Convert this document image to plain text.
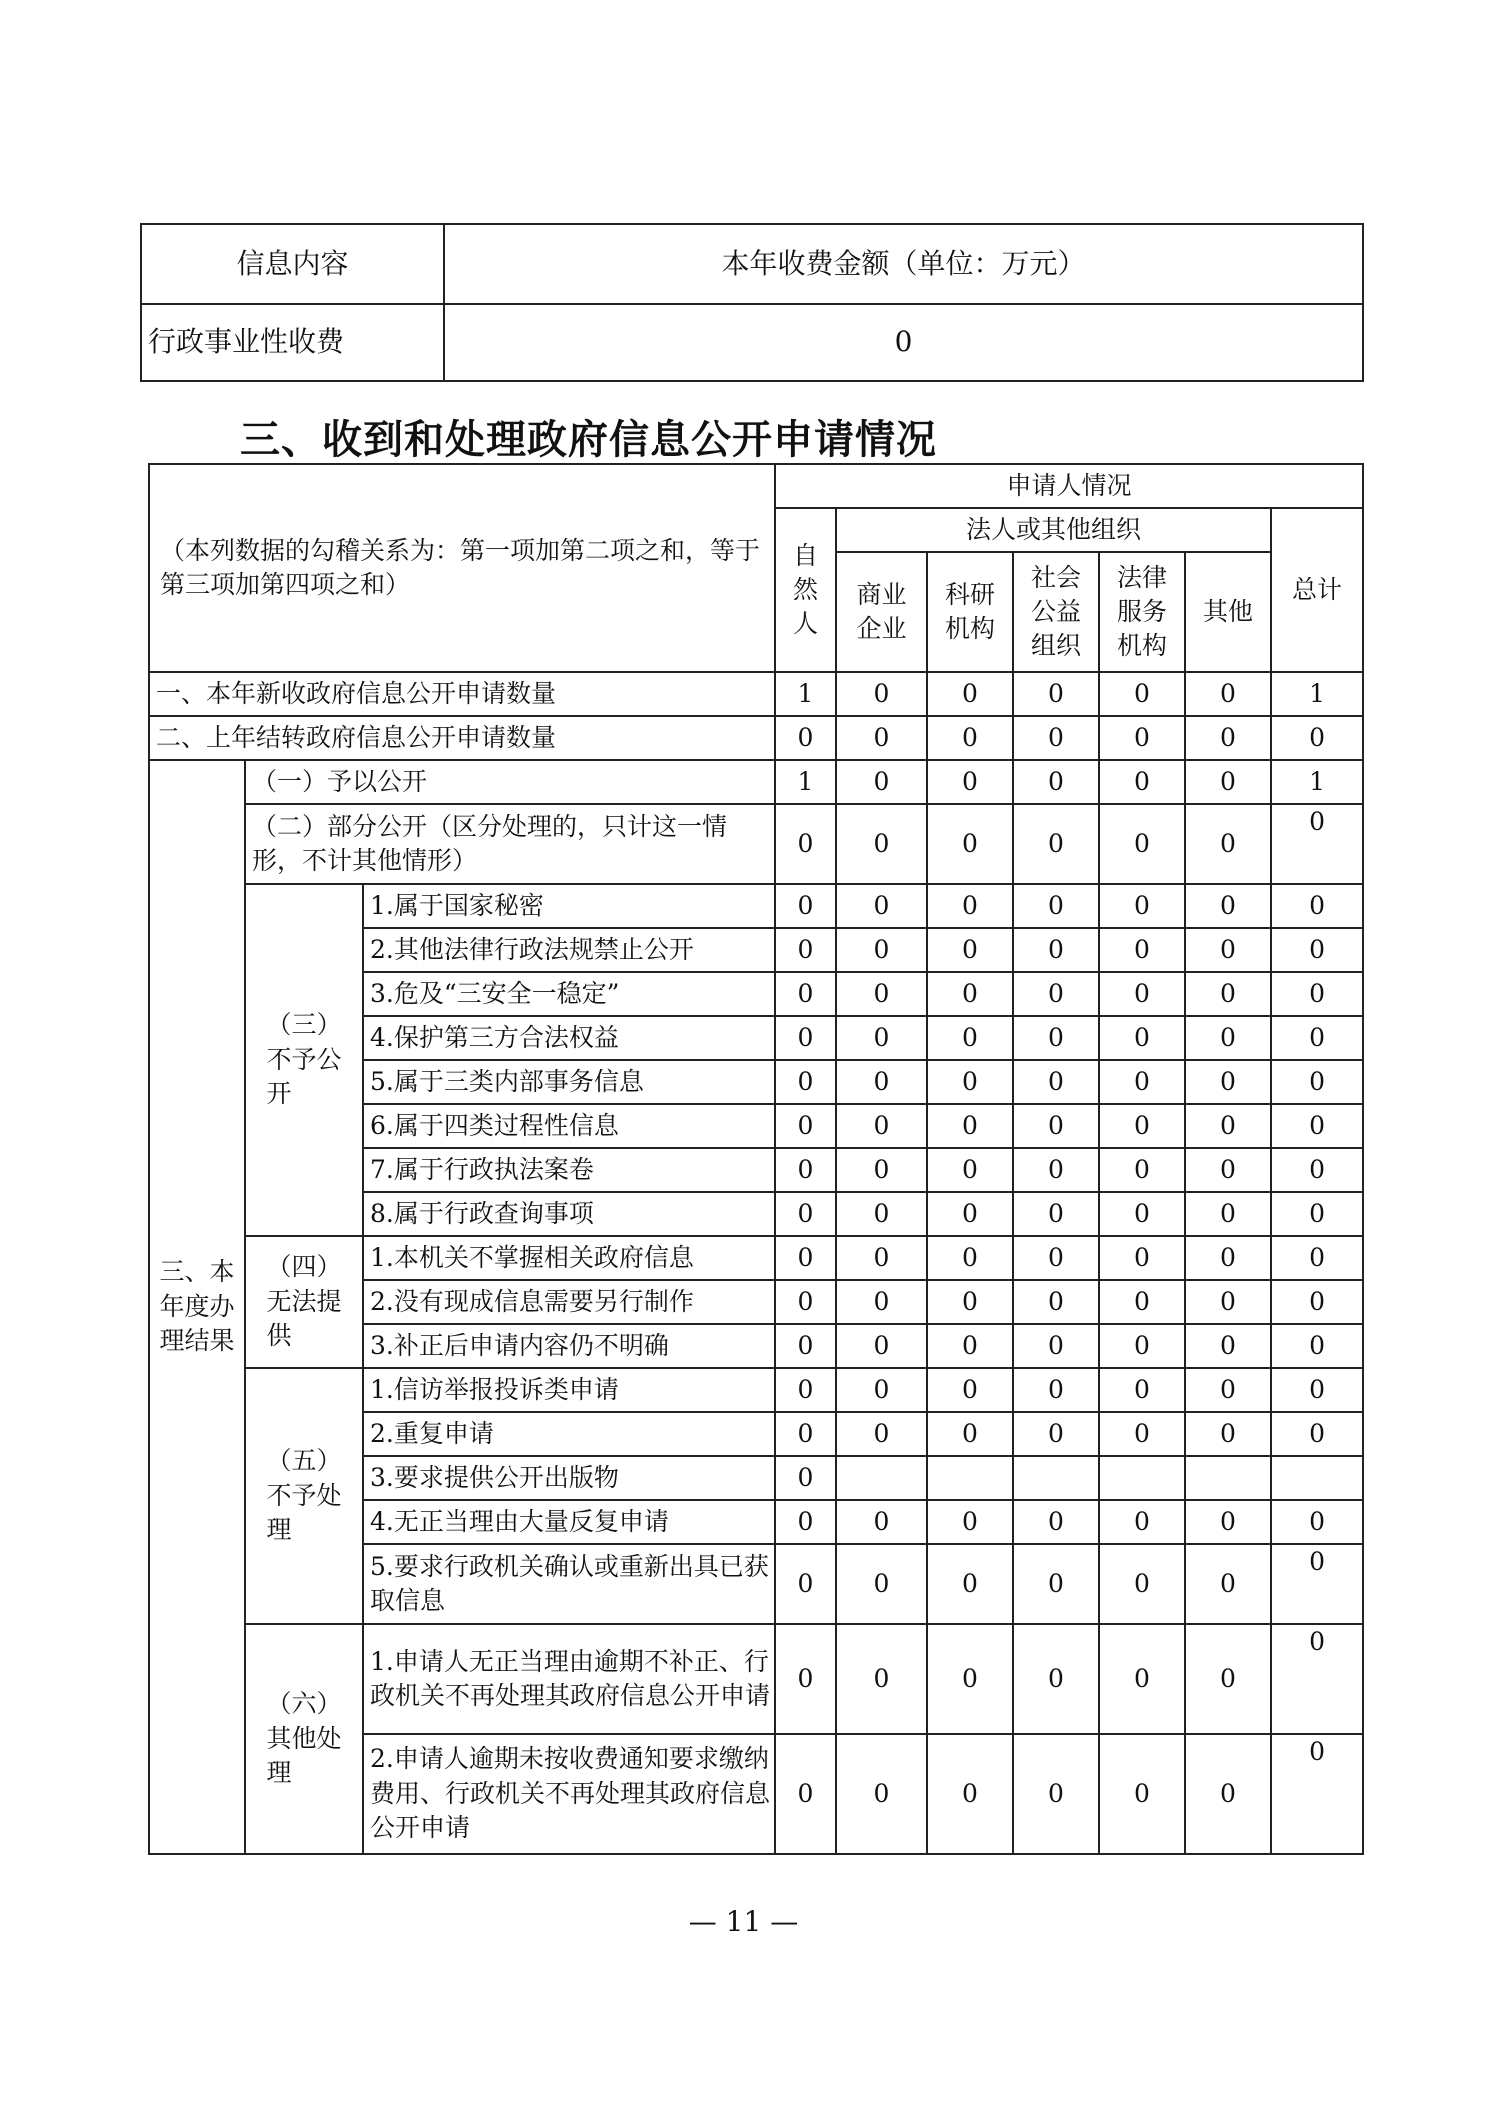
信息内容	本年收费金额（单位：万元）
行政事业性收费	0
三、收到和处理政府信息公开申请情况
（本列数据的勾稽关系为：第一项加第二项之和，等于第三项加第四项之和）			申请人情况						
			自然人	法人或其他组织					总计
				商业企业	科研机构	社会公益组织	法律服务机构	其他	
一、本年新收政府信息公开申请数量			1	0	0	0	0	0	1
二、上年结转政府信息公开申请数量			0	0	0	0	0	0	0
三、本年度办理结果	（一）予以公开		1	0	0	0	0	0	1
	（二）部分公开（区分处理的，只计这一情形，不计其他情形）		0	0	0	0	0	0	0
	（三）不予公开	1.属于国家秘密	0	0	0	0	0	0	0
		2.其他法律行政法规禁止公开	0	0	0	0	0	0	0
		3.危及“三安全一稳定”	0	0	0	0	0	0	0
		4.保护第三方合法权益	0	0	0	0	0	0	0
		5.属于三类内部事务信息	0	0	0	0	0	0	0
		6.属于四类过程性信息	0	0	0	0	0	0	0
		7.属于行政执法案卷	0	0	0	0	0	0	0
		8.属于行政查询事项	0	0	0	0	0	0	0
	（四）无法提供	1.本机关不掌握相关政府信息	0	0	0	0	0	0	0
		2.没有现成信息需要另行制作	0	0	0	0	0	0	0
		3.补正后申请内容仍不明确	0	0	0	0	0	0	0
	（五）不予处理	1.信访举报投诉类申请	0	0	0	0	0	0	0
		2.重复申请	0	0	0	0	0	0	0
		3.要求提供公开出版物	0						
		4.无正当理由大量反复申请	0	0	0	0	0	0	0
		5.要求行政机关确认或重新出具已获取信息	0	0	0	0	0	0	0
	（六）其他处理	1.申请人无正当理由逾期不补正、行政机关不再处理其政府信息公开申请	0	0	0	0	0	0	0
		2.申请人逾期未按收费通知要求缴纳费用、行政机关不再处理其政府信息公开申请	0	0	0	0	0	0	0
— 11 —
